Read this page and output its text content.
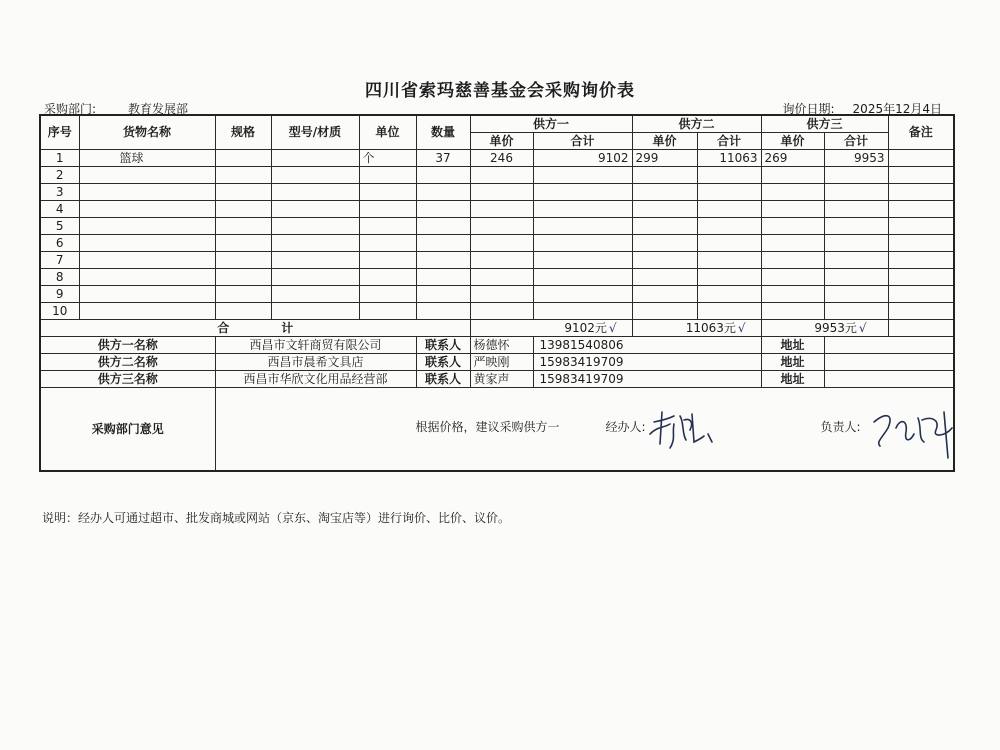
四川省索玛慈善基金会采购询价表
采购部门:	教育发展部	询价日期: 2025年12月4日
序号	货物名称	规格	型号/材质	单位	数量	供方一		供方二		供方三		备注
						单价	合计	单价	合计	单价	合计	
1	篮球			个	37	246	9102	299	11063	269	9953	
2												
3												
4												
5												
6												
7												
8												
9												
10												
合 计						9102元 √		11063元 √		9953元 √		
供方一名称		西昌市文轩商贸有限公司			联系人	杨德怀	13981540806			地址		
供方二名称		西昌市晨希文具店			联系人	严映刚	15983419709			地址		
供方三名称		西昌市华欣文化用品经营部			联系人	黄家声	15983419709			地址		
采购部门意见		根据价格，建议采购供方一 经办人: 负责人:										
说明：经办人可通过超市、批发商城或网站（京东、淘宝店等）进行询价、比价、议价。
